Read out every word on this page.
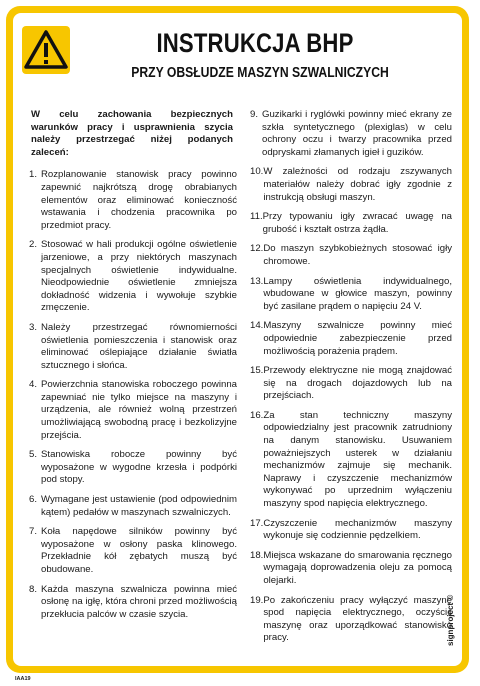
INSTRUKCJA BHP
PRZY OBSŁUDZE MASZYN SZWALNICZYCH
W celu zachowania bezpiecznych warunków pracy i usprawnienia szycia należy przestrzegać niżej podanych zaleceń:
1. Rozplanowanie stanowisk pracy powinno zapewnić najkrótszą drogę obrabianych elementów oraz eliminować konieczność wstawania i chodzenia pracownika po przedmiot pracy.
2. Stosować w hali produkcji ogólne oświetlenie jarzeniowe, a przy niektórych maszynach specjalnych oświetlenie indywidualne. Nieodpowiednie oświetlenie zmniejsza dokładność widzenia i wywołuje szybkie zmęczenie.
3. Należy przestrzegać równomierności oświetlenia pomieszczenia i stanowisk oraz eliminować oślepiające działanie światła sztucznego i słońca.
4. Powierzchnia stanowiska roboczego powinna zapewniać nie tylko miejsce na maszyny i urządzenia, ale również wolną przestrzeń umożliwiającą swobodną pracę i bezkolizyjne przejścia.
5. Stanowiska robocze powinny być wyposażone w wygodne krzesła i podpórki pod stopy.
6. Wymagane jest ustawienie (pod odpowiednim kątem) pedałów w maszynach szwalniczych.
7. Koła napędowe silników powinny być wyposażone w osłony paska klinowego. Przekładnie kół zębatych muszą być obudowane.
8. Każda maszyna szwalnicza powinna mieć osłonę na igłę, która chroni przed możliwością przekłucia palców w czasie szycia.
9. Guzikarki i ryglówki powinny mieć ekrany ze szkła syntetycznego (plexiglas) w celu ochrony oczu i twarzy pracownika przed odpryskami złamanych igieł i guzików.
10. W zależności od rodzaju zszywanych materiałów należy dobrać igły zgodnie z instrukcją obsługi maszyn.
11. Przy typowaniu igły zwracać uwagę na grubość i kształt ostrza żądła.
12. Do maszyn szybkobieżnych stosować igły chromowe.
13. Lampy oświetlenia indywidualnego, wbudowane w głowice maszyn, powinny być zasilane prądem o napięciu 24 V.
14. Maszyny szwalnicze powinny mieć odpowiednie zabezpieczenie przed możliwością porażenia prądem.
15. Przewody elektryczne nie mogą znajdować się na drogach dojazdowych lub na przejściach.
16. Za stan techniczny maszyny odpowiedzialny jest pracownik zatrudniony na danym stanowisku. Usuwaniem poważniejszych usterek w działaniu mechanizmów zajmuje się mechanik. Naprawy i czyszczenie mechanizmów wykonywać po uprzednim wyłączeniu maszyny spod napięcia elektrycznego.
17. Czyszczenie mechanizmów maszyny wykonuje się codziennie pędzelkiem.
18. Miejsca wskazane do smarowania ręcznego wymagają doprowadzenia oleju za pomocą olejarki.
19. Po zakończeniu pracy wyłączyć maszynę spod napięcia elektrycznego, oczyścić maszynę oraz uporządkować stanowisko pracy.
IAA19
signproject ©
